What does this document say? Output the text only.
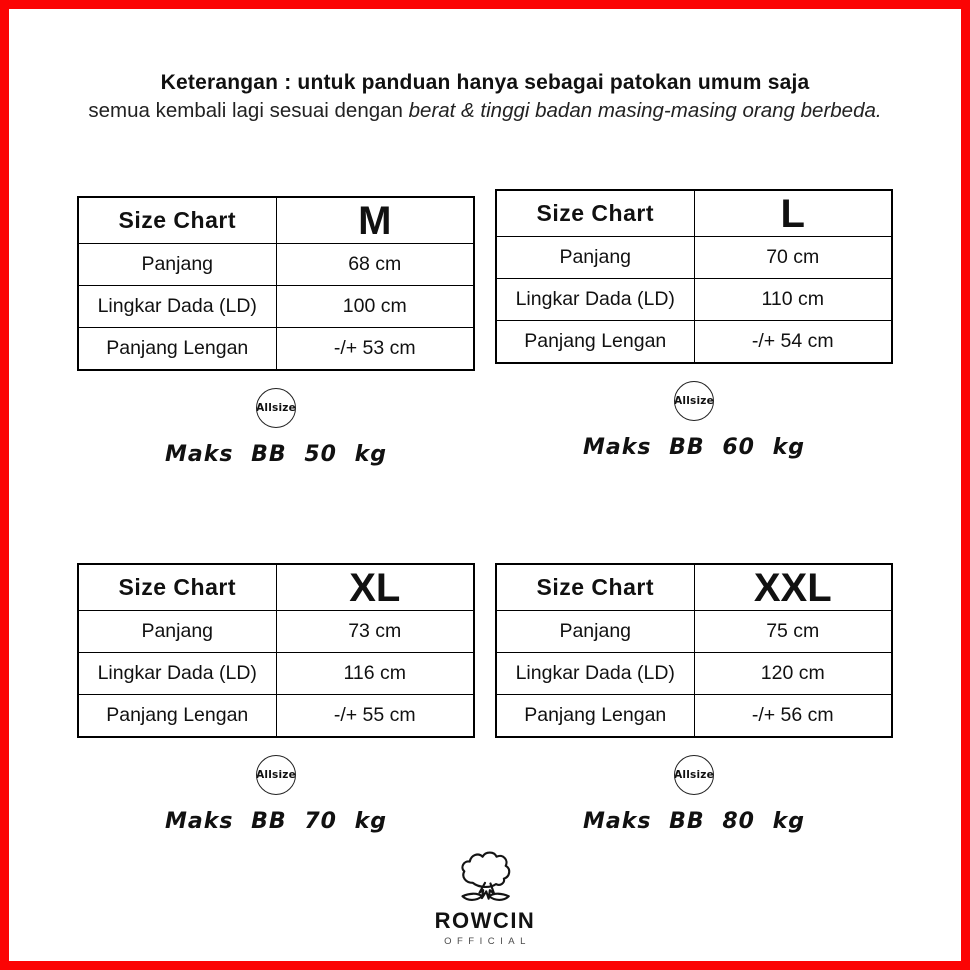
Keterangan : untuk panduan hanya sebagai patokan umum saja
semua kembali lagi sesuai dengan berat & tinggi badan masing-masing orang berbeda.
Size Chart	M
Panjang	68 cm
Lingkar Dada (LD)	100 cm
Panjang Lengan	-/+ 53 cm
Allsize
Maks BB 50 kg
Size Chart	L
Panjang	70 cm
Lingkar Dada (LD)	110 cm
Panjang Lengan	-/+ 54 cm
Allsize
Maks BB 60 kg
Size Chart	XL
Panjang	73 cm
Lingkar Dada (LD)	116 cm
Panjang Lengan	-/+ 55 cm
Allsize
Maks BB 70 kg
Size Chart	XXL
Panjang	75 cm
Lingkar Dada (LD)	120 cm
Panjang Lengan	-/+ 56 cm
Allsize
Maks BB 80 kg
ROWCIN
OFFICIAL
